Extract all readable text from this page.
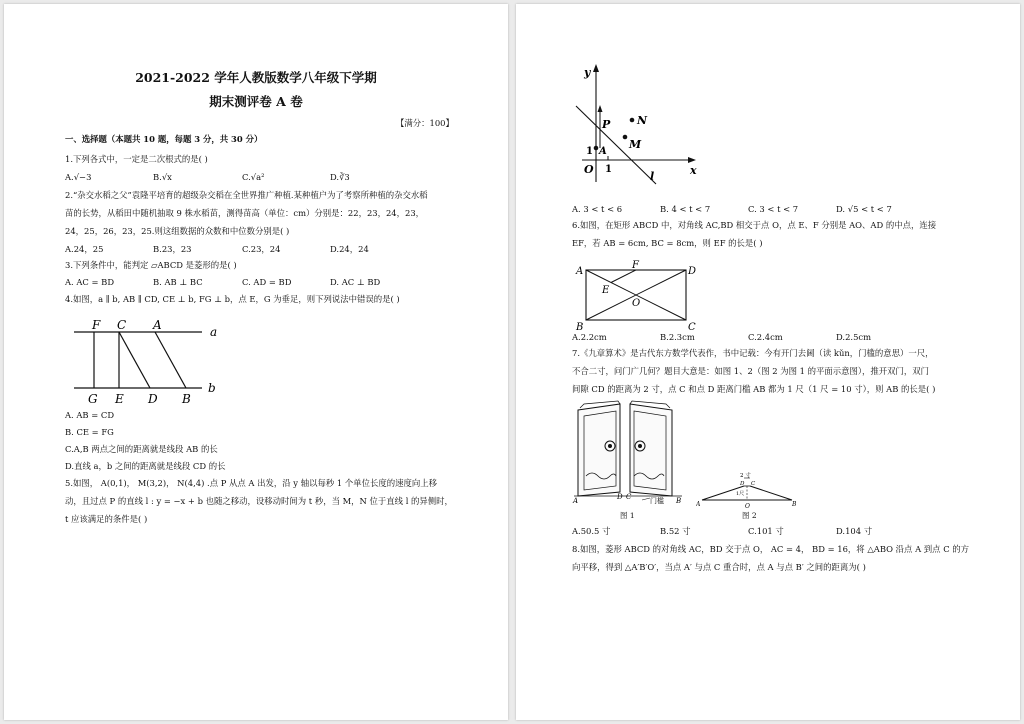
2021-2022 学年人教版数学八年级下学期
期末测评卷 A 卷
【满分：100】
一、选择题（本题共 10 题，每题 3 分，共 30 分）
1.下列各式中，一定是二次根式的是( )
A.√−3	B.√x	C.√a²	D.∛3
2.“杂交水稻之父”袁隆平培育的超级杂交稻在全世界推广种植.某种植户为了考察所种植的杂交水稻
苗的长势，从稻田中随机抽取 9 株水稻苗，测得苗高（单位：cm）分别是：22，23，24，23，
24，25，26，23，25.则这组数据的众数和中位数分别是( )
A.24，25	B.23，23	C.23，24	D.24，24
3.下列条件中，能判定 ▱ABCD 是菱形的是( )
A. AC = BD	B. AB ⊥ BC	C. AD = BD	D. AC ⊥ BD
4.如图，a ∥ b, AB ∥ CD, CE ⊥ b, FG ⊥ b，点 E，G 为垂足，则下列说法中错误的是( )
F C A	a
G E D B
b
A. AB = CD
B. CE = FG
C.A,B 两点之间的距离就是线段 AB 的长
D.直线 a，b 之间的距离就是线段 CD 的长
5.如图， A(0,1)， M(3,2)， N(4,4) .点 P 从点 A 出发，沿 y 轴以每秒 1 个单位长度的速度向上移
动，且过点 P 的直线 l : y = −x + b 也随之移动，设移动时间为 t 秒，当 M，N 位于直线 l 的异侧时，
t 应该满足的条件是( )
y
x
P N
M
A
1
1
O
l
A. 3 < t < 6	B. 4 < t < 7	C. 3 < t < 7	D. √5 < t < 7
6.如图，在矩形 ABCD 中，对角线 AC,BD 相交于点 O，点 E、F 分别是 AO、AD 的中点，连接
EF，若 AB = 6cm, BC = 8cm，则 EF 的长是( )
A
F
D
E
O
B	C
A.2.2cm	B.2.3cm	C.2.4cm	D.2.5cm
7.《九章算术》是古代东方数学代表作，书中记载：今有开门去阃（读 kǔn，门槛的意思）一尺，
不合二寸，问门广几何？题目大意是：如图 1、2（图 2 为图 1 的平面示意图），推开双门，双门
间隙 CD 的距离为 2 寸，点 C 和点 D 距离门槛 AB 都为 1 尺（1 尺 = 10 寸），则 AB 的长是( )
A	D C	B
门槛
图 1
2 寸
D C
1尺
A	O	B
图 2
A.50.5 寸	B.52 寸	C.101 寸	D.104 寸
8.如图，菱形 ABCD 的对角线 AC，BD 交于点 O， AC = 4， BD = 16，将 △ABO 沿点 A 到点 C 的方
向平移，得到 △A′B′O′，当点 A′ 与点 C 重合时，点 A 与点 B′ 之间的距离为( )
